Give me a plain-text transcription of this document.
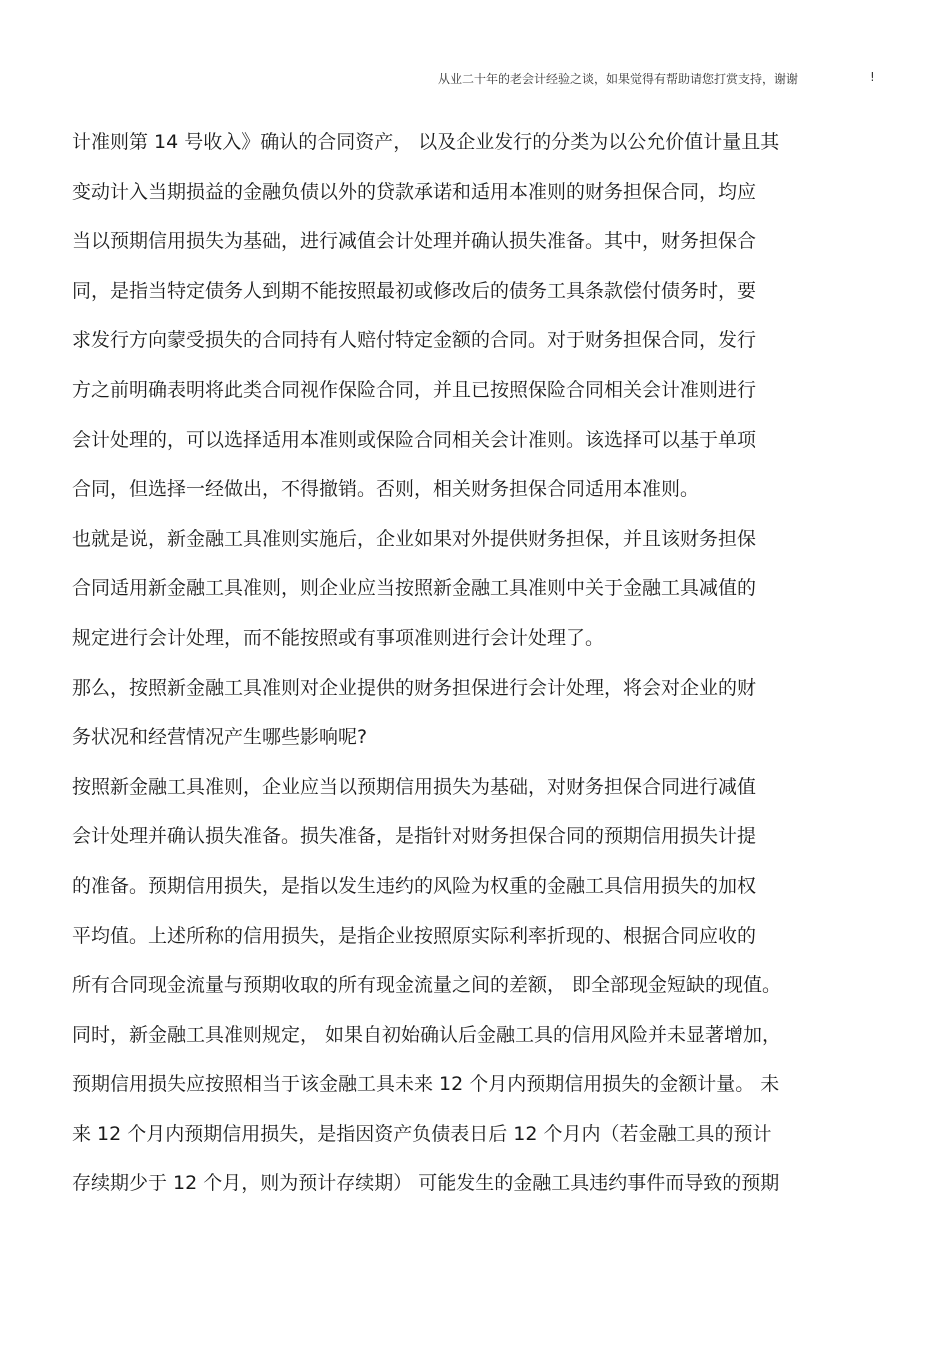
从业二十年的老会计经验之谈，如果觉得有帮助请您打赏支持，谢谢	!
计准则第 14 号收入》确认的合同资产， 以及企业发行的分类为以公允价值计量且其
变动计入当期损益的金融负债以外的贷款承诺和适用本准则的财务担保合同，均应
当以预期信用损失为基础，进行减值会计处理并确认损失准备。其中，财务担保合
同，是指当特定债务人到期不能按照最初或修改后的债务工具条款偿付债务时，要
求发行方向蒙受损失的合同持有人赔付特定金额的合同。对于财务担保合同，发行
方之前明确表明将此类合同视作保险合同，并且已按照保险合同相关会计准则进行
会计处理的，可以选择适用本准则或保险合同相关会计准则。该选择可以基于单项
合同，但选择一经做出，不得撤销。否则，相关财务担保合同适用本准则。
也就是说，新金融工具准则实施后，企业如果对外提供财务担保，并且该财务担保
合同适用新金融工具准则，则企业应当按照新金融工具准则中关于金融工具减值的
规定进行会计处理，而不能按照或有事项准则进行会计处理了。
那么，按照新金融工具准则对企业提供的财务担保进行会计处理，将会对企业的财
务状况和经营情况产生哪些影响呢?
按照新金融工具准则，企业应当以预期信用损失为基础，对财务担保合同进行减值
会计处理并确认损失准备。损失准备，是指针对财务担保合同的预期信用损失计提
的准备。预期信用损失，是指以发生违约的风险为权重的金融工具信用损失的加权
平均值。上述所称的信用损失，是指企业按照原实际利率折现的、根据合同应收的
所有合同现金流量与预期收取的所有现金流量之间的差额， 即全部现金短缺的现值。
同时，新金融工具准则规定， 如果自初始确认后金融工具的信用风险并未显著增加，
预期信用损失应按照相当于该金融工具未来 12 个月内预期信用损失的金额计量。 未
来 12 个月内预期信用损失，是指因资产负债表日后 12 个月内（若金融工具的预计
存续期少于 12 个月，则为预计存续期） 可能发生的金融工具违约事件而导致的预期
